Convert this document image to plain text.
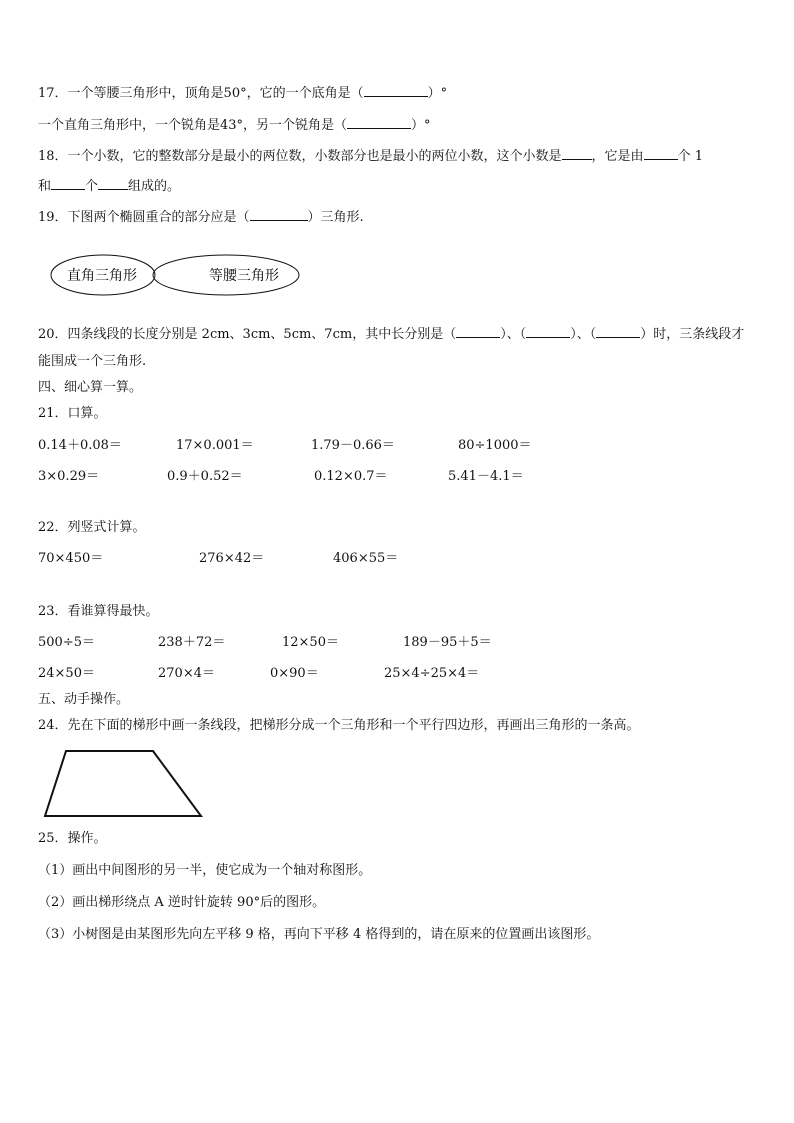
17．一个等腰三角形中，顶角是50°，它的一个底角是（	）°
一个直角三角形中，一个锐角是43°，另一个锐角是（	）°
18．一个小数，它的整数部分是最小的两位数，小数部分也是最小的两位小数，这个小数是 ，它是由	个 1
和	个 组成的。
19．下图两个椭圆重合的部分应是（	）三角形.
直角三角形	等腰三角形
20．四条线段的长度分别是 2cm、3cm、5cm、7cm，其中长分别是（	）、（	）、（	）时，三条线段才
能围成一个三角形.
四、细心算一算。
21．口算。
0.14＋0.08＝	17×0.001＝	1.79－0.66＝	80÷1000＝
3×0.29＝	0.9＋0.52＝	0.12×0.7＝	5.41－4.1＝
22．列竖式计算。
70×450＝	276×42＝	406×55＝
23．看谁算得最快。
500÷5＝	238＋72＝	12×50＝	189－95＋5＝
24×50＝	270×4＝	0×90＝	25×4÷25×4＝
五、动手操作。
24．先在下面的梯形中画一条线段，把梯形分成一个三角形和一个平行四边形，再画出三角形的一条高。
25．操作。
（1）画出中间图形的另一半，使它成为一个轴对称图形。
（2）画出梯形绕点 A 逆时针旋转 90°后的图形。
（3）小树图是由某图形先向左平移 9 格，再向下平移 4 格得到的，请在原来的位置画出该图形。
